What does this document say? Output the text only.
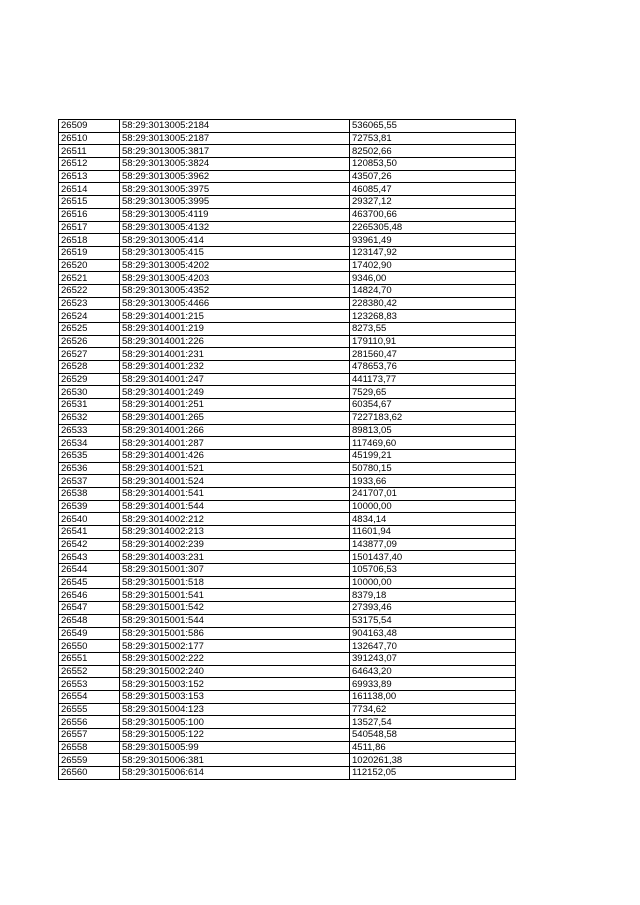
26509	58:29:3013005:2184	536065,55
26510	58:29:3013005:2187	72753,81
26511	58:29:3013005:3817	82502,66
26512	58:29:3013005:3824	120853,50
26513	58:29:3013005:3962	43507,26
26514	58:29:3013005:3975	46085,47
26515	58:29:3013005:3995	29327,12
26516	58:29:3013005:4119	463700,66
26517	58:29:3013005:4132	2265305,48
26518	58:29:3013005:414	93961,49
26519	58:29:3013005:415	123147,92
26520	58:29:3013005:4202	17402,90
26521	58:29:3013005:4203	9346,00
26522	58:29:3013005:4352	14824,70
26523	58:29:3013005:4466	228380,42
26524	58:29:3014001:215	123268,83
26525	58:29:3014001:219	8273,55
26526	58:29:3014001:226	179110,91
26527	58:29:3014001:231	281560,47
26528	58:29:3014001:232	478653,76
26529	58:29:3014001:247	441173,77
26530	58:29:3014001:249	7529,65
26531	58:29:3014001:251	60354,67
26532	58:29:3014001:265	7227183,62
26533	58:29:3014001:266	89813,05
26534	58:29:3014001:287	117469,60
26535	58:29:3014001:426	45199,21
26536	58:29:3014001:521	50780,15
26537	58:29:3014001:524	1933,66
26538	58:29:3014001:541	241707,01
26539	58:29:3014001:544	10000,00
26540	58:29:3014002:212	4834,14
26541	58:29:3014002:213	11601,94
26542	58:29:3014002:239	143877,09
26543	58:29:3014003:231	1501437,40
26544	58:29:3015001:307	105706,53
26545	58:29:3015001:518	10000,00
26546	58:29:3015001:541	8379,18
26547	58:29:3015001:542	27393,46
26548	58:29:3015001:544	53175,54
26549	58:29:3015001:586	904163,48
26550	58:29:3015002:177	132647,70
26551	58:29:3015002:222	391243,07
26552	58:29:3015002:240	64643,20
26553	58:29:3015003:152	69933,89
26554	58:29:3015003:153	161138,00
26555	58:29:3015004:123	7734,62
26556	58:29:3015005:100	13527,54
26557	58:29:3015005:122	540548,58
26558	58:29:3015005:99	4511,86
26559	58:29:3015006:381	1020261,38
26560	58:29:3015006:614	112152,05
